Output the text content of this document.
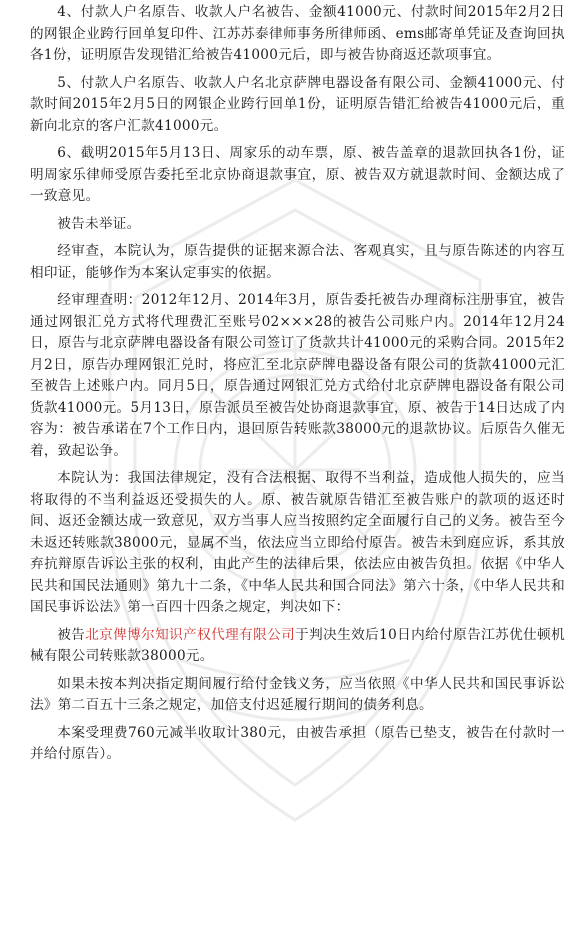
4、付款人户名原告、收款人户名被告、金额41000元、付款时间2015年2月2日的网银企业跨行回单复印件、江苏苏泰律师事务所律师函、ems邮寄单凭证及查询回执各1份，证明原告发现错汇给被告41000元后，即与被告协商返还款项事宜。

5、付款人户名原告、收款人户名北京萨牌电器设备有限公司、金额41000元、付款时间2015年2月5日的网银企业跨行回单1份，证明原告错汇给被告41000元后，重新向北京的客户汇款41000元。

6、截明2015年5月13日、周家乐的动车票，原、被告盖章的退款回执各1份，证明周家乐律师受原告委托至北京协商退款事宜，原、被告双方就退款时间、金额达成了一致意见。

被告未举证。

经审查，本院认为，原告提供的证据来源合法、客观真实，且与原告陈述的内容互相印证，能够作为本案认定事实的依据。

经审理查明：2012年12月、2014年3月，原告委托被告办理商标注册事宜，被告通过网银汇兑方式将代理费汇至账号02×××28的被告公司账户内。2014年12月24日，原告与北京萨牌电器设备有限公司签订了货款共计41000元的采购合同。2015年2月2日，原告办理网银汇兑时，将应汇至北京萨牌电器设备有限公司的货款41000元汇至被告上述账户内。同月5日，原告通过网银汇兑方式给付北京萨牌电器设备有限公司货款41000元。5月13日，原告派员至被告处协商退款事宜，原、被告于14日达成了内容为：被告承诺在7个工作日内，退回原告转账款38000元的退款协议。后原告久催无着，致起讼争。

本院认为：我国法律规定，没有合法根据、取得不当利益，造成他人损失的，应当将取得的不当利益返还受损失的人。原、被告就原告错汇至被告账户的款项的返还时间、返还金额达成一致意见，双方当事人应当按照约定全面履行自己的义务。被告至今未返还转账款38000元，显属不当，依法应当立即给付原告。被告未到庭应诉，系其放弃抗辩原告诉讼主张的权利，由此产生的法律后果，依法应由被告负担。依据《中华人民共和国民法通则》第九十二条，《中华人民共和国合同法》第六十条，《中华人民共和国民事诉讼法》第一百四十四条之规定，判决如下：

被告北京俾博尔知识产权代理有限公司于判决生效后10日内给付原告江苏优仕顿机械有限公司转账款38000元。

如果未按本判决指定期间履行给付金钱义务，应当依照《中华人民共和国民事诉讼法》第二百五十三条之规定，加倍支付迟延履行期间的债务利息。

本案受理费760元减半收取计380元，由被告承担（原告已垫支，被告在付款时一并给付原告）。
